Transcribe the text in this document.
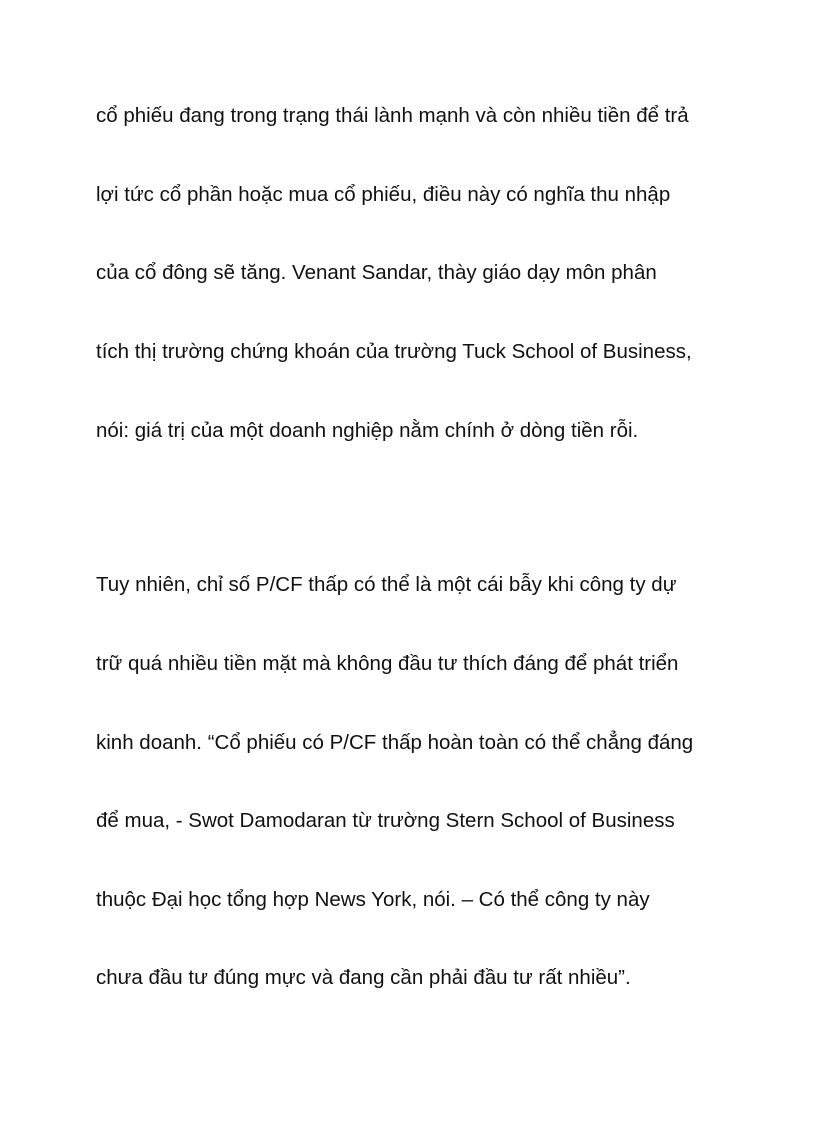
cổ phiếu đang trong trạng thái lành mạnh và còn nhiều tiền để trả
lợi tức cổ phần hoặc mua cổ phiếu, điều này có nghĩa thu nhập
của cổ đông sẽ tăng. Venant Sandar, thày giáo dạy môn phân
tích thị trường chứng khoán của trường Tuck School of Business,
nói: giá trị của một doanh nghiệp nằm chính ở dòng tiền rỗi.
Tuy nhiên, chỉ số P/CF thấp có thể là một cái bẫy khi công ty dự
trữ quá nhiều tiền mặt mà không đầu tư thích đáng để phát triển
kinh doanh. “Cổ phiếu có P/CF thấp hoàn toàn có thể chẳng đáng
để mua, - Swot Damodaran từ trường Stern School of Business
thuộc Đại học tổng hợp News York, nói. – Có thể công ty này
chưa đầu tư đúng mực và đang cần phải đầu tư rất nhiều”.
